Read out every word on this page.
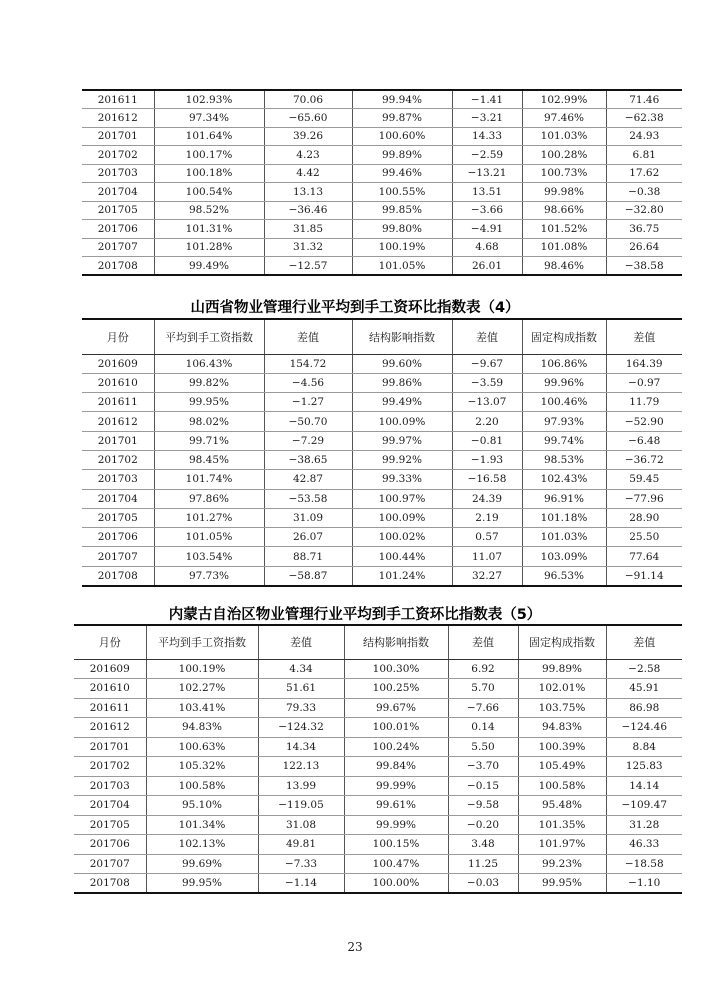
201611	102.93%	70.06	99.94%	−1.41	102.99%	71.46
201612	97.34%	−65.60	99.87%	−3.21	97.46%	−62.38
201701	101.64%	39.26	100.60%	14.33	101.03%	24.93
201702	100.17%	4.23	99.89%	−2.59	100.28%	6.81
201703	100.18%	4.42	99.46%	−13.21	100.73%	17.62
201704	100.54%	13.13	100.55%	13.51	99.98%	−0.38
201705	98.52%	−36.46	99.85%	−3.66	98.66%	−32.80
201706	101.31%	31.85	99.80%	−4.91	101.52%	36.75
201707	101.28%	31.32	100.19%	4.68	101.08%	26.64
201708	99.49%	−12.57	101.05%	26.01	98.46%	−38.58
山西省物业管理行业平均到手工资环比指数表（4）
月份	平均到手工资指数	差值	结构影响指数	差值	固定构成指数	差值
201609	106.43%	154.72	99.60%	−9.67	106.86%	164.39
201610	99.82%	−4.56	99.86%	−3.59	99.96%	−0.97
201611	99.95%	−1.27	99.49%	−13.07	100.46%	11.79
201612	98.02%	−50.70	100.09%	2.20	97.93%	−52.90
201701	99.71%	−7.29	99.97%	−0.81	99.74%	−6.48
201702	98.45%	−38.65	99.92%	−1.93	98.53%	−36.72
201703	101.74%	42.87	99.33%	−16.58	102.43%	59.45
201704	97.86%	−53.58	100.97%	24.39	96.91%	−77.96
201705	101.27%	31.09	100.09%	2.19	101.18%	28.90
201706	101.05%	26.07	100.02%	0.57	101.03%	25.50
201707	103.54%	88.71	100.44%	11.07	103.09%	77.64
201708	97.73%	−58.87	101.24%	32.27	96.53%	−91.14
内蒙古自治区物业管理行业平均到手工资环比指数表（5）
月份	平均到手工资指数	差值	结构影响指数	差值	固定构成指数	差值
201609	100.19%	4.34	100.30%	6.92	99.89%	−2.58
201610	102.27%	51.61	100.25%	5.70	102.01%	45.91
201611	103.41%	79.33	99.67%	−7.66	103.75%	86.98
201612	94.83%	−124.32	100.01%	0.14	94.83%	−124.46
201701	100.63%	14.34	100.24%	5.50	100.39%	8.84
201702	105.32%	122.13	99.84%	−3.70	105.49%	125.83
201703	100.58%	13.99	99.99%	−0.15	100.58%	14.14
201704	95.10%	−119.05	99.61%	−9.58	95.48%	−109.47
201705	101.34%	31.08	99.99%	−0.20	101.35%	31.28
201706	102.13%	49.81	100.15%	3.48	101.97%	46.33
201707	99.69%	−7.33	100.47%	11.25	99.23%	−18.58
201708	99.95%	−1.14	100.00%	−0.03	99.95%	−1.10
23
